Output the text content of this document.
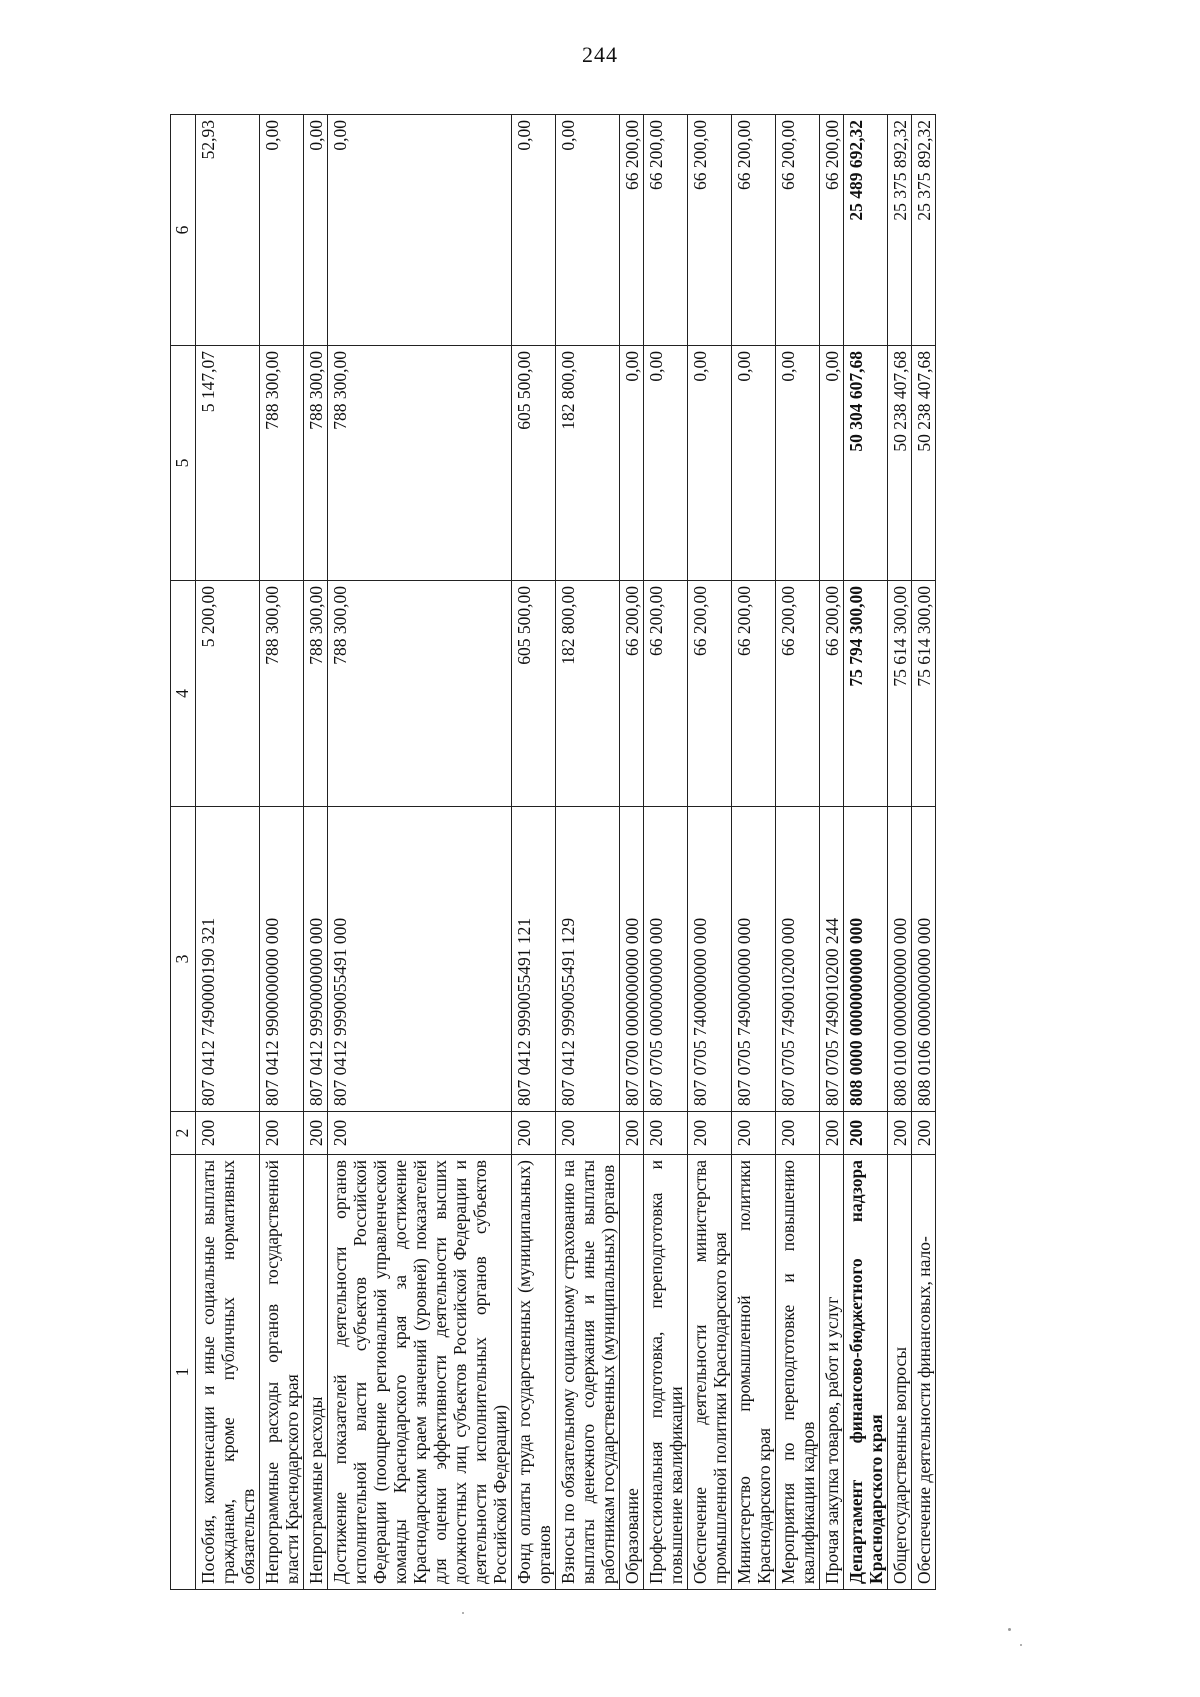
244
1	2	3	4	5	6
Пособия, компенсации и иные социальные выплаты гражданам, кроме публичных нормативных обязательств	200	807 0412 7490000190 321	5 200,00	5 147,07	52,93
Непрограммные расходы органов государственной власти Краснодарского края	200	807 0412 9900000000 000	788 300,00	788 300,00	0,00
Непрограммные расходы	200	807 0412 9990000000 000	788 300,00	788 300,00	0,00
Достижение показателей деятельности органов исполнительной власти субъектов Российской Федерации (поощрение региональной управленческой команды Краснодарского края за достижение Краснодарским краем значений (уровней) показателей для оценки эффективности деятельности высших должностных лиц субъектов Российской Федерации и деятельности исполнительных органов субъектов Российской Федерации)	200	807 0412 9990055491 000	788 300,00	788 300,00	0,00
Фонд оплаты труда государственных (муниципальных) органов	200	807 0412 9990055491 121	605 500,00	605 500,00	0,00
Взносы по обязательному социальному страхованию на выплаты денежного содержания и иные выплаты работникам государственных (муниципальных) органов	200	807 0412 9990055491 129	182 800,00	182 800,00	0,00
Образование	200	807 0700 0000000000 000	66 200,00	0,00	66 200,00
Профессиональная подготовка, переподготовка и повышение квалификации	200	807 0705 0000000000 000	66 200,00	0,00	66 200,00
Обеспечение деятельности министерства промышленной политики Краснодарского края	200	807 0705 7400000000 000	66 200,00	0,00	66 200,00
Министерство промышленной политики Краснодарского края	200	807 0705 7490000000 000	66 200,00	0,00	66 200,00
Мероприятия по переподготовке и повышению квалификации кадров	200	807 0705 7490010200 000	66 200,00	0,00	66 200,00
Прочая закупка товаров, работ и услуг	200	807 0705 7490010200 244	66 200,00	0,00	66 200,00
Департамент финансово-бюджетного надзора Краснодарского края	200	808 0000 0000000000 000	75 794 300,00	50 304 607,68	25 489 692,32
Общегосударственные вопросы	200	808 0100 0000000000 000	75 614 300,00	50 238 407,68	25 375 892,32
Обеспечение деятельности финансовых, нало-	200	808 0106 0000000000 000	75 614 300,00	50 238 407,68	25 375 892,32
